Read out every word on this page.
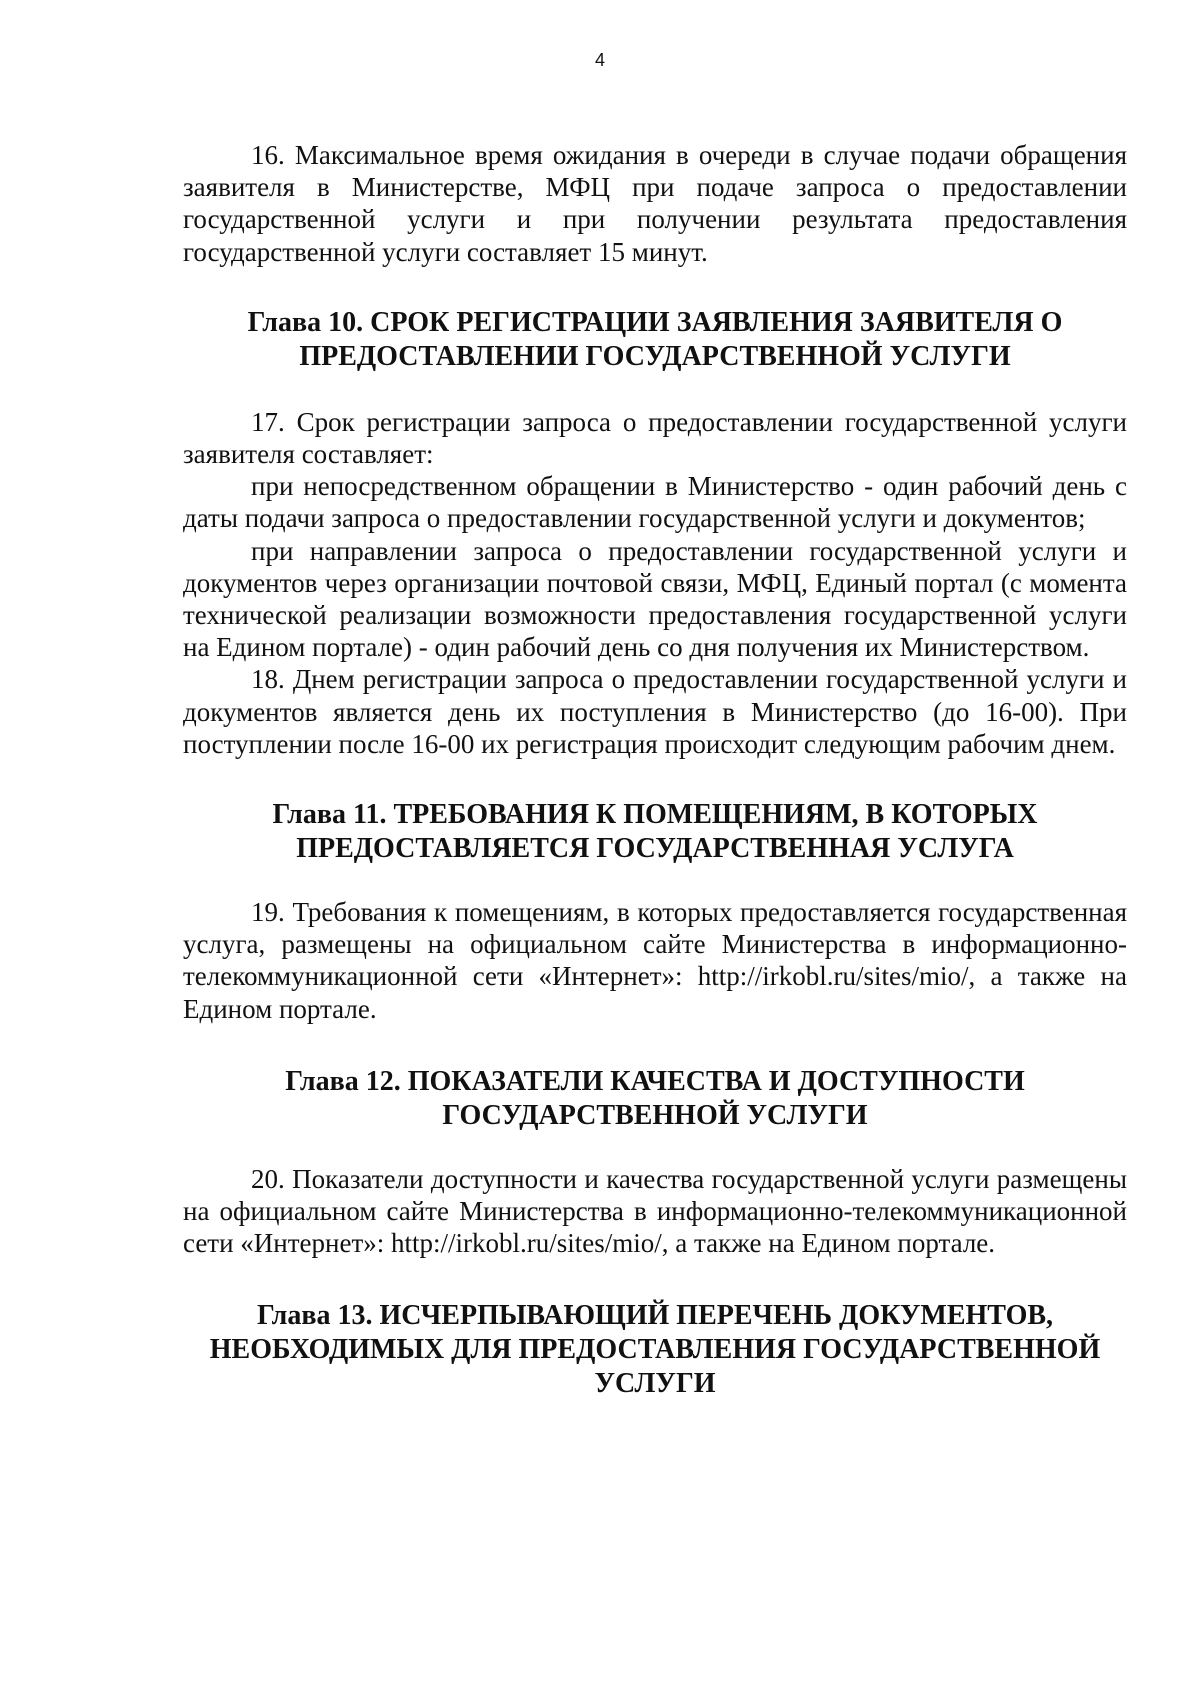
4

16. Максимальное время ожидания в очереди в случае подачи обращения заявителя в Министерстве, МФЦ при подаче запроса о предоставлении государственной услуги и при получении результата предоставления государственной услуги составляет 15 минут.

Глава 10. СРОК РЕГИСТРАЦИИ ЗАЯВЛЕНИЯ ЗАЯВИТЕЛЯ О
ПРЕДОСТАВЛЕНИИ ГОСУДАРСТВЕННОЙ УСЛУГИ

17. Срок регистрации запроса о предоставлении государственной услуги заявителя составляет:

при непосредственном обращении в Министерство - один рабочий день с даты подачи запроса о предоставлении государственной услуги и документов;

при направлении запроса о предоставлении государственной услуги и документов через организации почтовой связи, МФЦ, Единый портал (с момента технической реализации возможности предоставления государственной услуги на Едином портале) - один рабочий день со дня получения их Министерством.

18. Днем регистрации запроса о предоставлении государственной услуги и документов является день их поступления в Министерство (до 16-00). При поступлении после 16-00 их регистрация происходит следующим рабочим днем.

Глава 11. ТРЕБОВАНИЯ К ПОМЕЩЕНИЯМ, В КОТОРЫХ
ПРЕДОСТАВЛЯЕТСЯ ГОСУДАРСТВЕННАЯ УСЛУГА

19. Требования к помещениям, в которых предоставляется государственная услуга, размещены на официальном сайте Министерства в информационно-телекоммуникационной сети «Интернет»: http://irkobl.ru/sites/mio/, а также на Едином портале.

Глава 12. ПОКАЗАТЕЛИ КАЧЕСТВА И ДОСТУПНОСТИ
ГОСУДАРСТВЕННОЙ УСЛУГИ

20. Показатели доступности и качества государственной услуги размещены на официальном сайте Министерства в информационно-телекоммуникационной сети «Интернет»: http://irkobl.ru/sites/mio/, а также на Едином портале.

Глава 13. ИСЧЕРПЫВАЮЩИЙ ПЕРЕЧЕНЬ ДОКУМЕНТОВ,
НЕОБХОДИМЫХ ДЛЯ ПРЕДОСТАВЛЕНИЯ ГОСУДАРСТВЕННОЙ
УСЛУГИ
